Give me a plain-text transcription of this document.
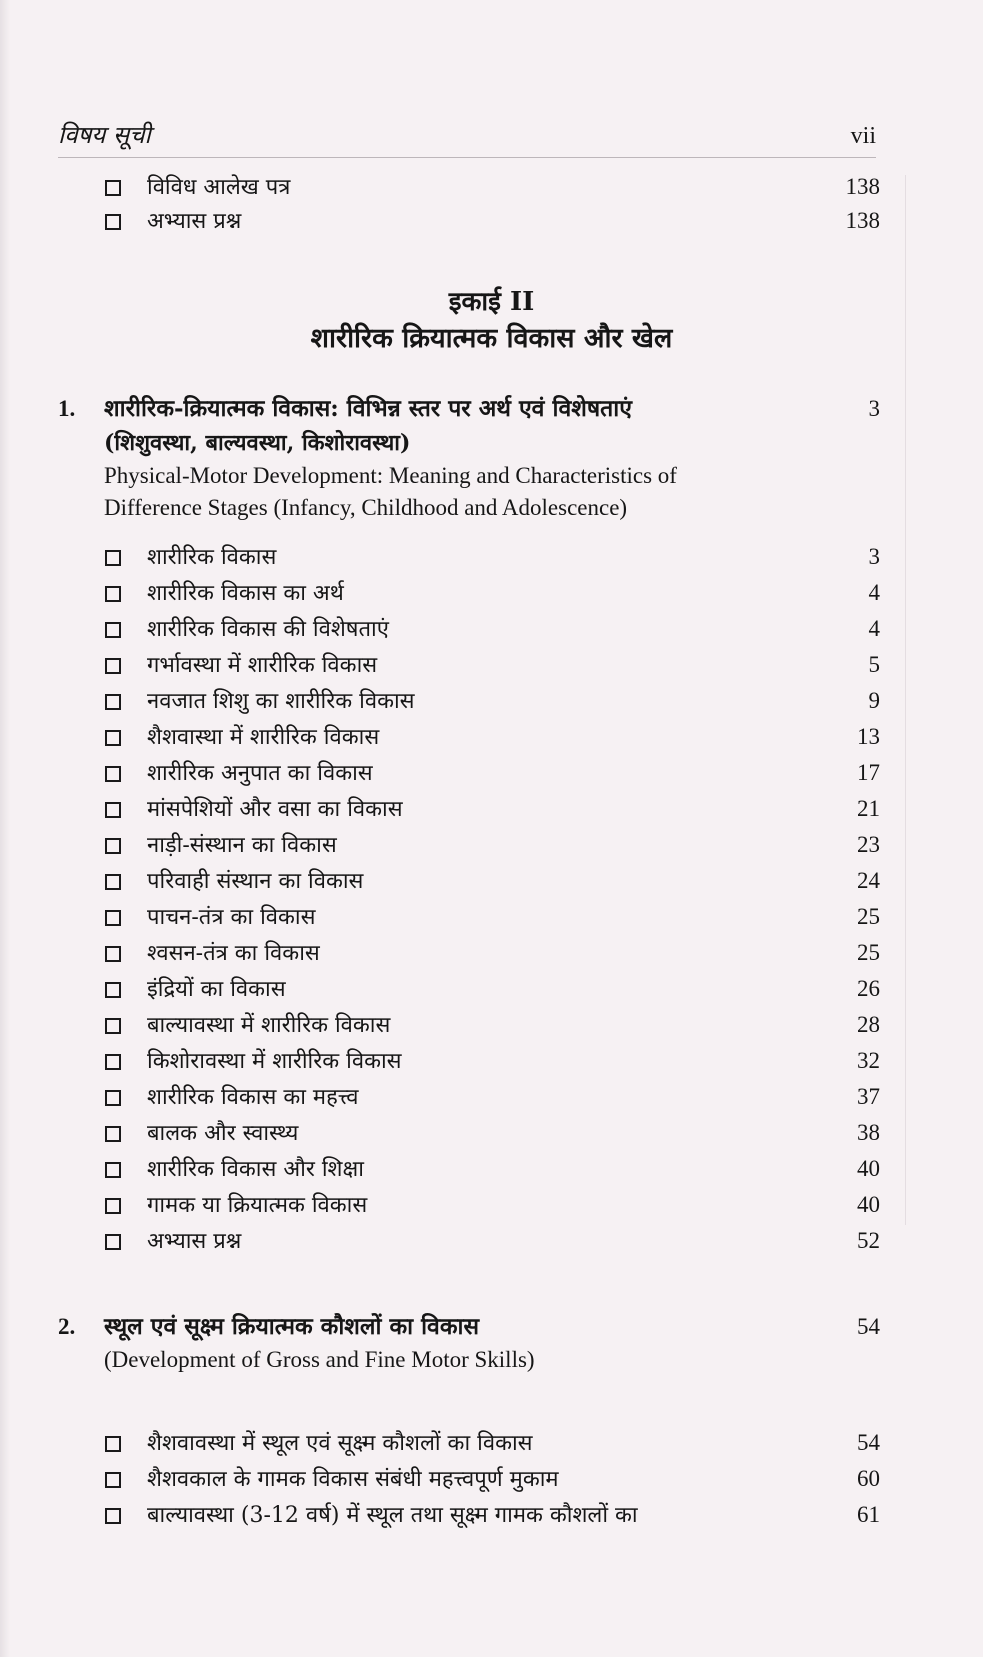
विषय सूची	vii
विविध आलेख पत्र	138
अभ्यास प्रश्न	138
इकाई II
शारीरिक क्रियात्मक विकास और खेल
1.	शारीरिक-क्रियात्मक विकास: विभिन्न स्तर पर अर्थ एवं विशेषताएं	3
(शिशुवस्था, बाल्यवस्था, किशोरावस्था)
Physical-Motor Development: Meaning and Characteristics of
Difference Stages (Infancy, Childhood and Adolescence)
शारीरिक विकास	3
शारीरिक विकास का अर्थ	4
शारीरिक विकास की विशेषताएं	4
गर्भावस्था में शारीरिक विकास	5
नवजात शिशु का शारीरिक विकास	9
शैशवास्था में शारीरिक विकास	13
शारीरिक अनुपात का विकास	17
मांसपेशियों और वसा का विकास	21
नाड़ी-संस्थान का विकास	23
परिवाही संस्थान का विकास	24
पाचन-तंत्र का विकास	25
श्वसन-तंत्र का विकास	25
इंद्रियों का विकास	26
बाल्यावस्था में शारीरिक विकास	28
किशोरावस्था में शारीरिक विकास	32
शारीरिक विकास का महत्त्व	37
बालक और स्वास्थ्य	38
शारीरिक विकास और शिक्षा	40
गामक या क्रियात्मक विकास	40
अभ्यास प्रश्न	52
2.	स्थूल एवं सूक्ष्म क्रियात्मक कौशलों का विकास	54
(Development of Gross and Fine Motor Skills)
शैशवावस्था में स्थूल एवं सूक्ष्म कौशलों का विकास	54
शैशवकाल के गामक विकास संबंधी महत्त्वपूर्ण मुकाम	60
बाल्यावस्था (3-12 वर्ष) में स्थूल तथा सूक्ष्म गामक कौशलों का	61
